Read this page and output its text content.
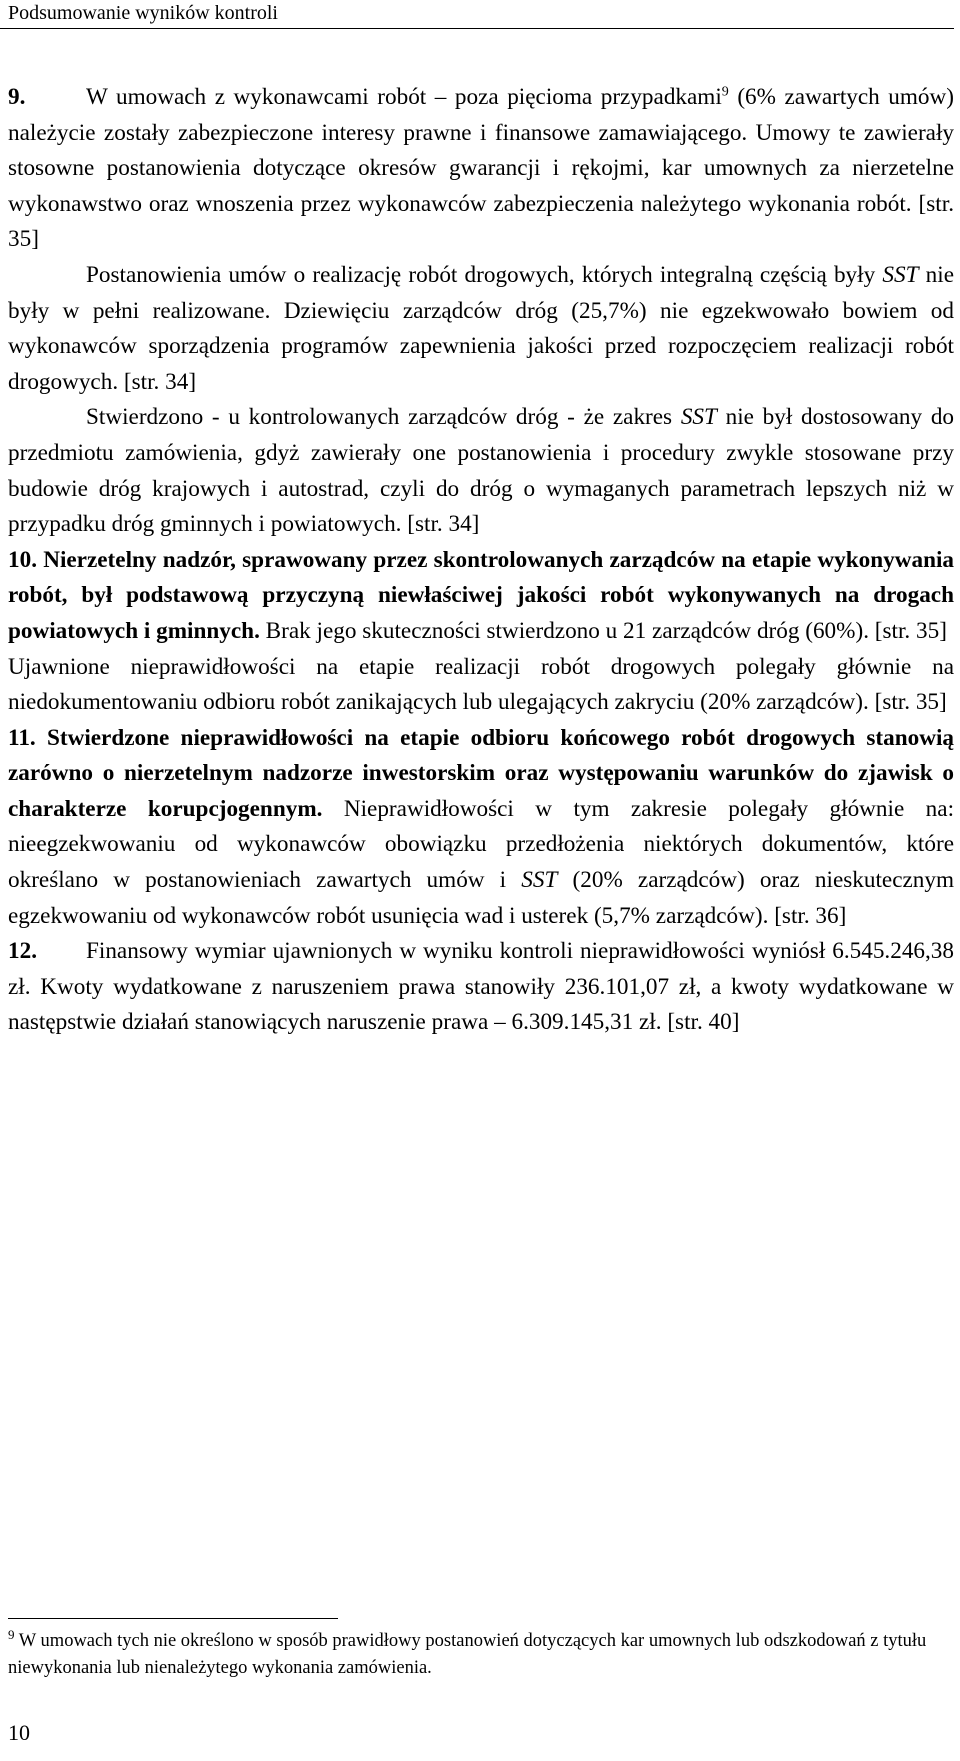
Podsumowanie wyników kontroli

9.	W umowach z wykonawcami robót – poza pięcioma przypadkami$^9$ (6% zawartych umów) należycie zostały zabezpieczone interesy prawne i finansowe zamawiającego. Umowy te zawierały stosowne postanowienia dotyczące okresów gwarancji i rękojmi, kar umownych za nierzetelne wykonawstwo oraz wnoszenia przez wykonawców zabezpieczenia należytego wykonania robót. [str. 35]

Postanowienia umów o realizację robót drogowych, których integralną częścią były SST nie były w pełni realizowane. Dziewięciu zarządców dróg (25,7%) nie egzekwowało bowiem od wykonawców sporządzenia programów zapewnienia jakości przed rozpoczęciem realizacji robót drogowych. [str. 34]

Stwierdzono - u kontrolowanych zarządców dróg - że zakres SST nie był dostosowany do przedmiotu zamówienia, gdyż zawierały one postanowienia i procedury zwykle stosowane przy budowie dróg krajowych i autostrad, czyli do dróg o wymaganych parametrach lepszych niż w przypadku dróg gminnych i powiatowych. [str. 34]

10. Nierzetelny nadzór, sprawowany przez skontrolowanych zarządców na etapie wykonywania robót, był podstawową przyczyną niewłaściwej jakości robót wykonywanych na drogach powiatowych i gminnych. Brak jego skuteczności stwierdzono u 21 zarządców dróg (60%). [str. 35]

Ujawnione nieprawidłowości na etapie realizacji robót drogowych polegały głównie na niedokumentowaniu odbioru robót zanikających lub ulegających zakryciu (20% zarządców). [str. 35]

11. Stwierdzone nieprawidłowości na etapie odbioru końcowego robót drogowych stanowią zarówno o nierzetelnym nadzorze inwestorskim oraz występowaniu warunków do zjawisk o charakterze korupcjogennym. Nieprawidłowości w tym zakresie polegały głównie na: nieegzekwowaniu od wykonawców obowiązku przedłożenia niektórych dokumentów, które określano w postanowieniach zawartych umów i SST (20% zarządców) oraz nieskutecznym egzekwowaniu od wykonawców robót usunięcia wad i usterek (5,7% zarządców). [str. 36]

12. Finansowy wymiar ujawnionych w wyniku kontroli nieprawidłowości wyniósł 6.545.246,38 zł. Kwoty wydatkowane z naruszeniem prawa stanowiły 236.101,07 zł, a kwoty wydatkowane w następstwie działań stanowiących naruszenie prawa – 6.309.145,31 zł. [str. 40]

$^9$ W umowach tych nie określono w sposób prawidłowy postanowień dotyczących kar umownych lub odszkodowań z tytułu niewykonania lub nienależytego wykonania zamówienia.
10
